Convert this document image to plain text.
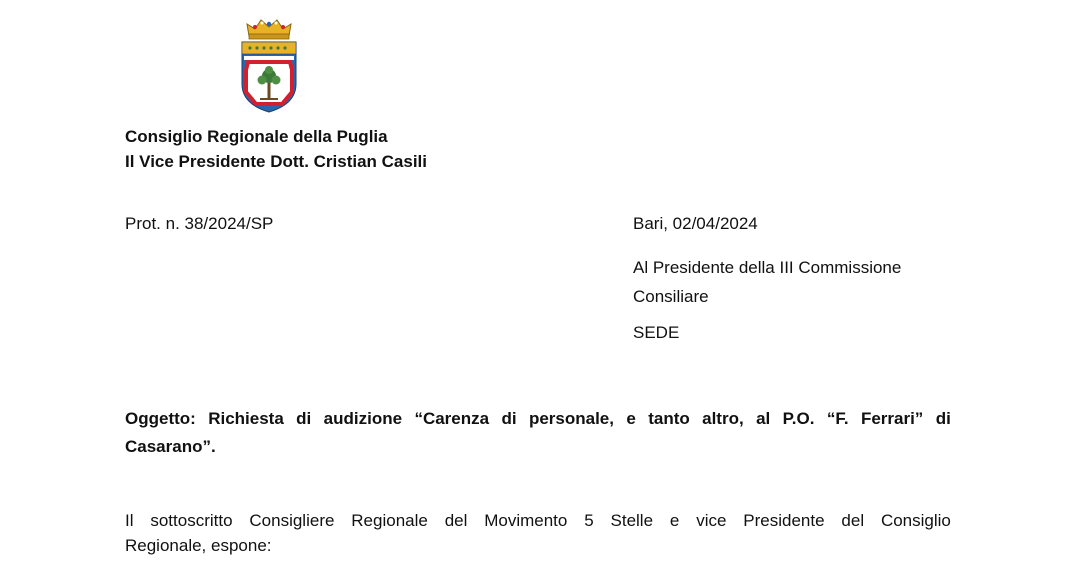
Consiglio Regionale della Puglia
Il Vice Presidente Dott. Cristian Casili
Prot. n. 38/2024/SP	Bari, 02/04/2024
Al Presidente della III Commissione
Consiliare
SEDE
Oggetto: Richiesta di audizione “Carenza di personale, e tanto altro, al P.O. “F. Ferrari” di
Casarano”.
Il sottoscritto Consigliere Regionale del Movimento 5 Stelle e vice Presidente del Consiglio
Regionale, espone:
